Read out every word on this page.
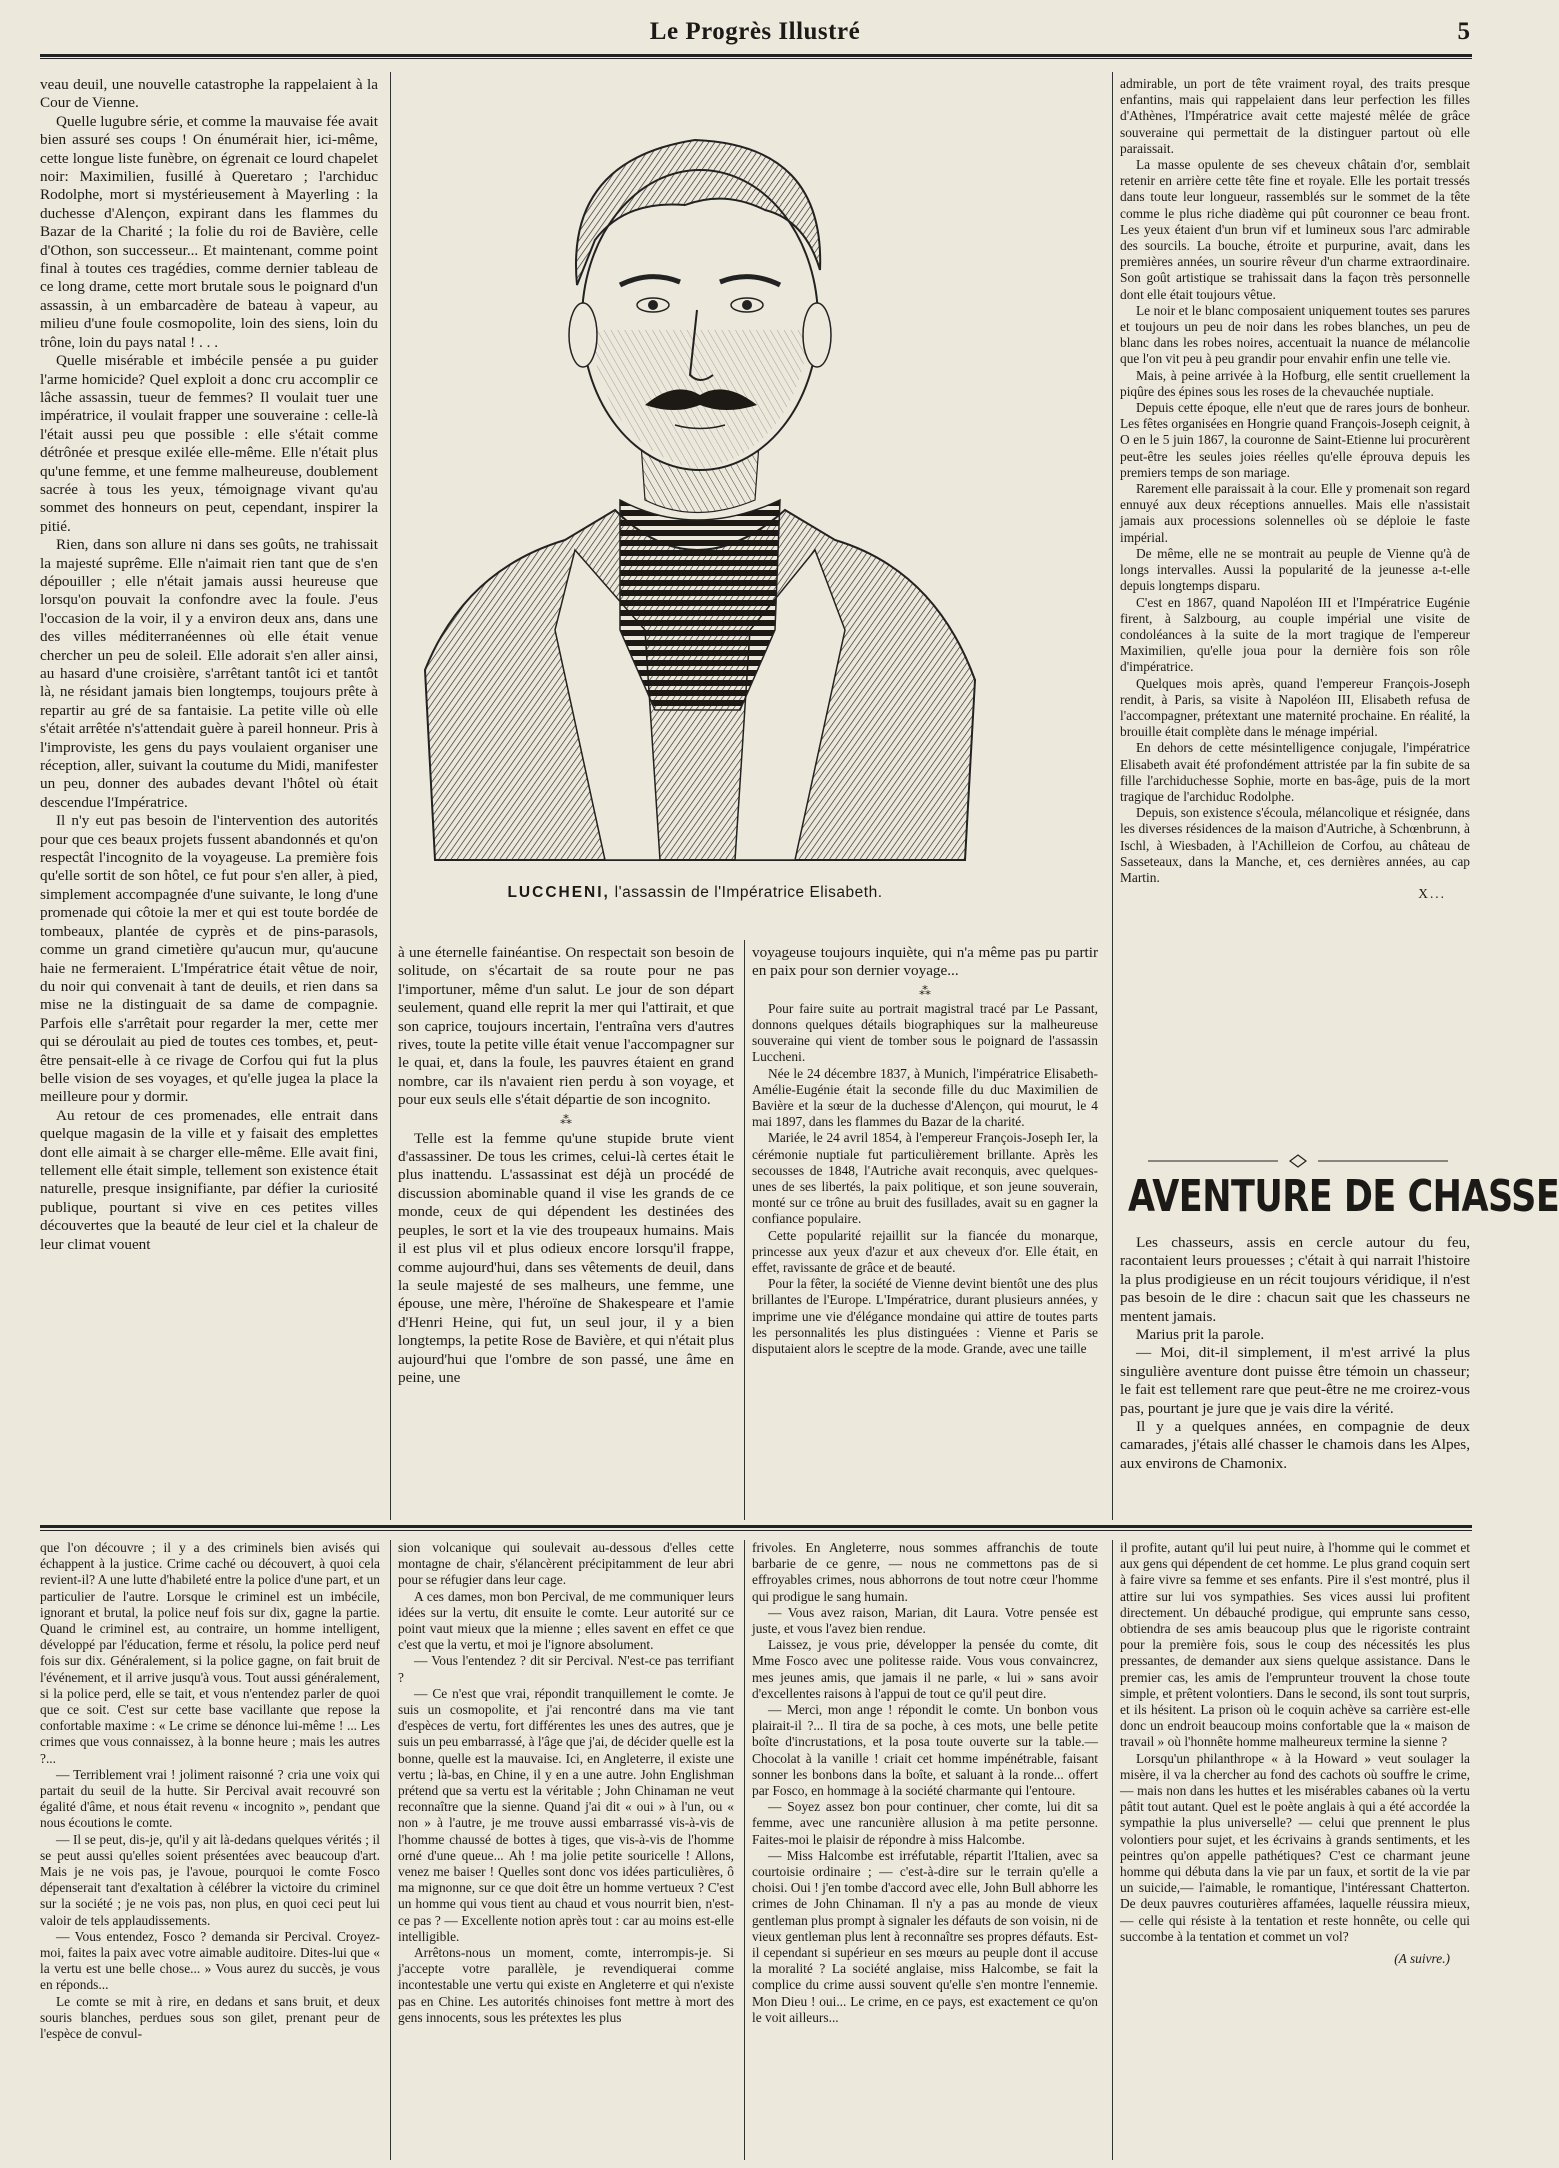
Le Progrès Illustré	5

veau deuil, une nouvelle catastrophe la rappelaient à la Cour de Vienne.

Quelle lugubre série, et comme la mauvaise fée avait bien assuré ses coups ! On énumérait hier, ici-même, cette longue liste funèbre, on égrenait ce lourd chapelet noir: Maximilien, fusillé à Queretaro ; l'archiduc Rodolphe, mort si mystérieusement à Mayerling : la duchesse d'Alençon, expirant dans les flammes du Bazar de la Charité ; la folie du roi de Bavière, celle d'Othon, son successeur... Et maintenant, comme point final à toutes ces tragédies, comme dernier tableau de ce long drame, cette mort brutale sous le poignard d'un assassin, à un embarcadère de bateau à vapeur, au milieu d'une foule cosmopolite, loin des siens, loin du trône, loin du pays natal ! . . .

Quelle misérable et imbécile pensée a pu guider l'arme homicide? Quel exploit a donc cru accomplir ce lâche assassin, tueur de femmes? Il voulait tuer une impératrice, il voulait frapper une souveraine : celle-là l'était aussi peu que possible : elle s'était comme détrônée et presque exilée elle-même. Elle n'était plus qu'une femme, et une femme malheureuse, doublement sacrée à tous les yeux, témoignage vivant qu'au sommet des honneurs on peut, cependant, inspirer la pitié.

Rien, dans son allure ni dans ses goûts, ne trahissait la majesté suprême. Elle n'aimait rien tant que de s'en dépouiller ; elle n'était jamais aussi heureuse que lorsqu'on pouvait la confondre avec la foule. J'eus l'occasion de la voir, il y a environ deux ans, dans une des villes méditerranéennes où elle était venue chercher un peu de soleil. Elle adorait s'en aller ainsi, au hasard d'une croisière, s'arrêtant tantôt ici et tantôt là, ne résidant jamais bien longtemps, toujours prête à repartir au gré de sa fantaisie. La petite ville où elle s'était arrêtée n's'attendait guère à pareil honneur. Pris à l'improviste, les gens du pays voulaient organiser une réception, aller, suivant la coutume du Midi, manifester un peu, donner des aubades devant l'hôtel où était descendue l'Impératrice.

Il n'y eut pas besoin de l'intervention des autorités pour que ces beaux projets fussent abandonnés et qu'on respectât l'incognito de la voyageuse. La première fois qu'elle sortit de son hôtel, ce fut pour s'en aller, à pied, simplement accompagnée d'une suivante, le long d'une promenade qui côtoie la mer et qui est toute bordée de tombeaux, plantée de cyprès et de pins-parasols, comme un grand cimetière qu'aucun mur, qu'aucune haie ne fermeraient. L'Impératrice était vêtue de noir, du noir qui convenait à tant de deuils, et rien dans sa mise ne la distinguait de sa dame de compagnie. Parfois elle s'arrêtait pour regarder la mer, cette mer qui se déroulait au pied de toutes ces tombes, et, peut-être pensait-elle à ce rivage de Corfou qui fut la plus belle vision de ses voyages, et qu'elle jugea la place la meilleure pour y dormir.

Au retour de ces promenades, elle entrait dans quelque magasin de la ville et y faisait des emplettes dont elle aimait à se charger elle-même. Elle avait fini, tellement elle était simple, tellement son existence était naturelle, presque insignifiante, par défier la curiosité publique, pourtant si vive en ces petites villes découvertes que la beauté de leur ciel et la chaleur de leur climat vouent

LUCCHENI, l'assassin de l'Impératrice Elisabeth.

à une éternelle fainéantise. On respectait son besoin de solitude, on s'écartait de sa route pour ne pas l'importuner, même d'un salut. Le jour de son départ seulement, quand elle reprit la mer qui l'attirait, et que son caprice, toujours incertain, l'entraîna vers d'autres rives, toute la petite ville était venue l'accompagner sur le quai, et, dans la foule, les pauvres étaient en grand nombre, car ils n'avaient rien perdu à son voyage, et pour eux seuls elle s'était départie de son incognito.

⁂

Telle est la femme qu'une stupide brute vient d'assassiner. De tous les crimes, celui-là certes était le plus inattendu. L'assassinat est déjà un procédé de discussion abominable quand il vise les grands de ce monde, ceux de qui dépendent les destinées des peuples, le sort et la vie des troupeaux humains. Mais il est plus vil et plus odieux encore lorsqu'il frappe, comme aujourd'hui, dans ses vêtements de deuil, dans la seule majesté de ses malheurs, une femme, une épouse, une mère, l'héroïne de Shakespeare et l'amie d'Henri Heine, qui fut, un seul jour, il y a bien longtemps, la petite Rose de Bavière, et qui n'était plus aujourd'hui que l'ombre de son passé, une âme en peine, une

voyageuse toujours inquiète, qui n'a même pas pu partir en paix pour son dernier voyage...

⁂

Pour faire suite au portrait magistral tracé par Le Passant, donnons quelques détails biographiques sur la malheureuse souveraine qui vient de tomber sous le poignard de l'assassin Luccheni.

Née le 24 décembre 1837, à Munich, l'impératrice Elisabeth-Amélie-Eugénie était la seconde fille du duc Maximilien de Bavière et la sœur de la duchesse d'Alençon, qui mourut, le 4 mai 1897, dans les flammes du Bazar de la charité.

Mariée, le 24 avril 1854, à l'empereur François-Joseph Ier, la cérémonie nuptiale fut particulièrement brillante. Après les secousses de 1848, l'Autriche avait reconquis, avec quelques-unes de ses libertés, la paix politique, et son jeune souverain, monté sur ce trône au bruit des fusillades, avait su en gagner la confiance populaire.

Cette popularité rejaillit sur la fiancée du monarque, princesse aux yeux d'azur et aux cheveux d'or. Elle était, en effet, ravissante de grâce et de beauté.

Pour la fêter, la société de Vienne devint bientôt une des plus brillantes de l'Europe. L'Impératrice, durant plusieurs années, y imprime une vie d'élégance mondaine qui attire de toutes parts les personnalités les plus distinguées : Vienne et Paris se disputaient alors le sceptre de la mode. Grande, avec une taille

admirable, un port de tête vraiment royal, des traits presque enfantins, mais qui rappelaient dans leur perfection les filles d'Athènes, l'Impératrice avait cette majesté mêlée de grâce souveraine qui permettait de la distinguer partout où elle paraissait.

La masse opulente de ses cheveux châtain d'or, semblait retenir en arrière cette tête fine et royale. Elle les portait tressés dans toute leur longueur, rassemblés sur le sommet de la tête comme le plus riche diadème qui pût couronner ce beau front. Les yeux étaient d'un brun vif et lumineux sous l'arc admirable des sourcils. La bouche, étroite et purpurine, avait, dans les premières années, un sourire rêveur d'un charme extraordinaire. Son goût artistique se trahissait dans la façon très personnelle dont elle était toujours vêtue.

Le noir et le blanc composaient uniquement toutes ses parures et toujours un peu de noir dans les robes blanches, un peu de blanc dans les robes noires, accentuait la nuance de mélancolie que l'on vit peu à peu grandir pour envahir enfin une telle vie.

Mais, à peine arrivée à la Hofburg, elle sentit cruellement la piqûre des épines sous les roses de la chevauchée nuptiale.

Depuis cette époque, elle n'eut que de rares jours de bonheur. Les fêtes organisées en Hongrie quand François-Joseph ceignit, à O en le 5 juin 1867, la couronne de Saint-Etienne lui procurèrent peut-être les seules joies réelles qu'elle éprouva depuis les premiers temps de son mariage.

Rarement elle paraissait à la cour. Elle y promenait son regard ennuyé aux deux réceptions annuelles. Mais elle n'assistait jamais aux processions solennelles où se déploie le faste impérial.

De même, elle ne se montrait au peuple de Vienne qu'à de longs intervalles. Aussi la popularité de la jeunesse a-t-elle depuis longtemps disparu.

C'est en 1867, quand Napoléon III et l'Impératrice Eugénie firent, à Salzbourg, au couple impérial une visite de condoléances à la suite de la mort tragique de l'empereur Maximilien, qu'elle joua pour la dernière fois son rôle d'impératrice.

Quelques mois après, quand l'empereur François-Joseph rendit, à Paris, sa visite à Napoléon III, Elisabeth refusa de l'accompagner, prétextant une maternité prochaine. En réalité, la brouille était complète dans le ménage impérial.

En dehors de cette mésintelligence conjugale, l'impératrice Elisabeth avait été profondément attristée par la fin subite de sa fille l'archiduchesse Sophie, morte en bas-âge, puis de la mort tragique de l'archiduc Rodolphe.

Depuis, son existence s'écoula, mélancolique et résignée, dans les diverses résidences de la maison d'Autriche, à Schœnbrunn, à Ischl, à Wiesbaden, à l'Achilleion de Corfou, au château de Sasseteaux, dans la Manche, et, ces dernières années, au cap Martin.

X...

AVENTURE DE CHASSE

Les chasseurs, assis en cercle autour du feu, racontaient leurs prouesses ; c'était à qui narrait l'histoire la plus prodigieuse en un récit toujours véridique, il n'est pas besoin de le dire : chacun sait que les chasseurs ne mentent jamais.

Marius prit la parole.

— Moi, dit-il simplement, il m'est arrivé la plus singulière aventure dont puisse être témoin un chasseur; le fait est tellement rare que peut-être ne me croirez-vous pas, pourtant je jure que je vais dire la vérité.

Il y a quelques années, en compagnie de deux camarades, j'étais allé chasser le chamois dans les Alpes, aux environs de Chamonix.

que l'on découvre ; il y a des criminels bien avisés qui échappent à la justice. Crime caché ou découvert, à quoi cela revient-il? A une lutte d'habileté entre la police d'une part, et un particulier de l'autre. Lorsque le criminel est un imbécile, ignorant et brutal, la police neuf fois sur dix, gagne la partie. Quand le criminel est, au contraire, un homme intelligent, développé par l'éducation, ferme et résolu, la police perd neuf fois sur dix. Généralement, si la police gagne, on fait bruit de l'événement, et il arrive jusqu'à vous. Tout aussi généralement, si la police perd, elle se tait, et vous n'entendez parler de quoi que ce soit. C'est sur cette base vacillante que repose la confortable maxime : « Le crime se dénonce lui-même ! ... Les crimes que vous connaissez, à la bonne heure ; mais les autres ?...

— Terriblement vrai ! joliment raisonné ? cria une voix qui partait du seuil de la hutte. Sir Percival avait recouvré son égalité d'âme, et nous était revenu « incognito », pendant que nous écoutions le comte.

— Il se peut, dis-je, qu'il y ait là-dedans quelques vérités ; il se peut aussi qu'elles soient présentées avec beaucoup d'art. Mais je ne vois pas, je l'avoue, pourquoi le comte Fosco dépenserait tant d'exaltation à célébrer la victoire du criminel sur la société ; je ne vois pas, non plus, en quoi ceci peut lui valoir de tels applaudissements.

— Vous entendez, Fosco ? demanda sir Percival. Croyez-moi, faites la paix avec votre aimable auditoire. Dites-lui que « la vertu est une belle chose... » Vous aurez du succès, je vous en réponds...

Le comte se mit à rire, en dedans et sans bruit, et deux souris blanches, perdues sous son gilet, prenant peur de l'espèce de convul-

sion volcanique qui soulevait au-dessous d'elles cette montagne de chair, s'élancèrent précipitamment de leur abri pour se réfugier dans leur cage.

A ces dames, mon bon Percival, de me communiquer leurs idées sur la vertu, dit ensuite le comte. Leur autorité sur ce point vaut mieux que la mienne ; elles savent en effet ce que c'est que la vertu, et moi je l'ignore absolument.

— Vous l'entendez ? dit sir Percival. N'est-ce pas terrifiant ?

— Ce n'est que vrai, répondit tranquillement le comte. Je suis un cosmopolite, et j'ai rencontré dans ma vie tant d'espèces de vertu, fort différentes les unes des autres, que je suis un peu embarrassé, à l'âge que j'ai, de décider quelle est la bonne, quelle est la mauvaise. Ici, en Angleterre, il existe une vertu ; là-bas, en Chine, il y en a une autre. John Englishman prétend que sa vertu est la véritable ; John Chinaman ne veut reconnaître que la sienne. Quand j'ai dit « oui » à l'un, ou « non » à l'autre, je me trouve aussi embarrassé vis-à-vis de l'homme chaussé de bottes à tiges, que vis-à-vis de l'homme orné d'une queue... Ah ! ma jolie petite souricelle ! Allons, venez me baiser ! Quelles sont donc vos idées particulières, ô ma mignonne, sur ce que doit être un homme vertueux ? C'est un homme qui vous tient au chaud et vous nourrit bien, n'est-ce pas ? — Excellente notion après tout : car au moins est-elle intelligible.

Arrêtons-nous un moment, comte, interrompis-je. Si j'accepte votre parallèle, je revendiquerai comme incontestable une vertu qui existe en Angleterre et qui n'existe pas en Chine. Les autorités chinoises font mettre à mort des gens innocents, sous les prétextes les plus

frivoles. En Angleterre, nous sommes affranchis de toute barbarie de ce genre, — nous ne commettons pas de si effroyables crimes, nous abhorrons de tout notre cœur l'homme qui prodigue le sang humain.

— Vous avez raison, Marian, dit Laura. Votre pensée est juste, et vous l'avez bien rendue.

Laissez, je vous prie, développer la pensée du comte, dit Mme Fosco avec une politesse raide. Vous vous convaincrez, mes jeunes amis, que jamais il ne parle, « lui » sans avoir d'excellentes raisons à l'appui de tout ce qu'il peut dire.

— Merci, mon ange ! répondit le comte. Un bonbon vous plairait-il ?... Il tira de sa poche, à ces mots, une belle petite boîte d'incrustations, et la posa toute ouverte sur la table.— Chocolat à la vanille ! criait cet homme impénétrable, faisant sonner les bonbons dans la boîte, et saluant à la ronde... offert par Fosco, en hommage à la société charmante qui l'entoure.

— Soyez assez bon pour continuer, cher comte, lui dit sa femme, avec une rancunière allusion à ma petite personne. Faites-moi le plaisir de répondre à miss Halcombe.

— Miss Halcombe est irréfutable, répartit l'Italien, avec sa courtoisie ordinaire ; — c'est-à-dire sur le terrain qu'elle a choisi. Oui ! j'en tombe d'accord avec elle, John Bull abhorre les crimes de John Chinaman. Il n'y a pas au monde de vieux gentleman plus prompt à signaler les défauts de son voisin, ni de vieux gentleman plus lent à reconnaître ses propres défauts. Est-il cependant si supérieur en ses mœurs au peuple dont il accuse la moralité ? La société anglaise, miss Halcombe, se fait la complice du crime aussi souvent qu'elle s'en montre l'ennemie. Mon Dieu ! oui... Le crime, en ce pays, est exactement ce qu'on le voit ailleurs...

il profite, autant qu'il lui peut nuire, à l'homme qui le commet et aux gens qui dépendent de cet homme. Le plus grand coquin sert à faire vivre sa femme et ses enfants. Pire il s'est montré, plus il attire sur lui vos sympathies. Ses vices aussi lui profitent directement. Un débauché prodigue, qui emprunte sans cesso, obtiendra de ses amis beaucoup plus que le rigoriste contraint pour la première fois, sous le coup des nécessités les plus pressantes, de demander aux siens quelque assistance. Dans le premier cas, les amis de l'emprunteur trouvent la chose toute simple, et prêtent volontiers. Dans le second, ils sont tout surpris, et ils hésitent. La prison où le coquin achève sa carrière est-elle donc un endroit beaucoup moins confortable que la « maison de travail » où l'honnête homme malheureux termine la sienne ?

Lorsqu'un philanthrope « à la Howard » veut soulager la misère, il va la chercher au fond des cachots où souffre le crime, — mais non dans les huttes et les misérables cabanes où la vertu pâtit tout autant. Quel est le poète anglais à qui a été accordée la sympathie la plus universelle? — celui que prennent le plus volontiers pour sujet, et les écrivains à grands sentiments, et les peintres qu'on appelle pathétiques? C'est ce charmant jeune homme qui débuta dans la vie par un faux, et sortit de la vie par un suicide,— l'aimable, le romantique, l'intéressant Chatterton. De deux pauvres couturières affamées, laquelle réussira mieux, — celle qui résiste à la tentation et reste honnête, ou celle qui succombe à la tentation et commet un vol?

(A suivre.)
